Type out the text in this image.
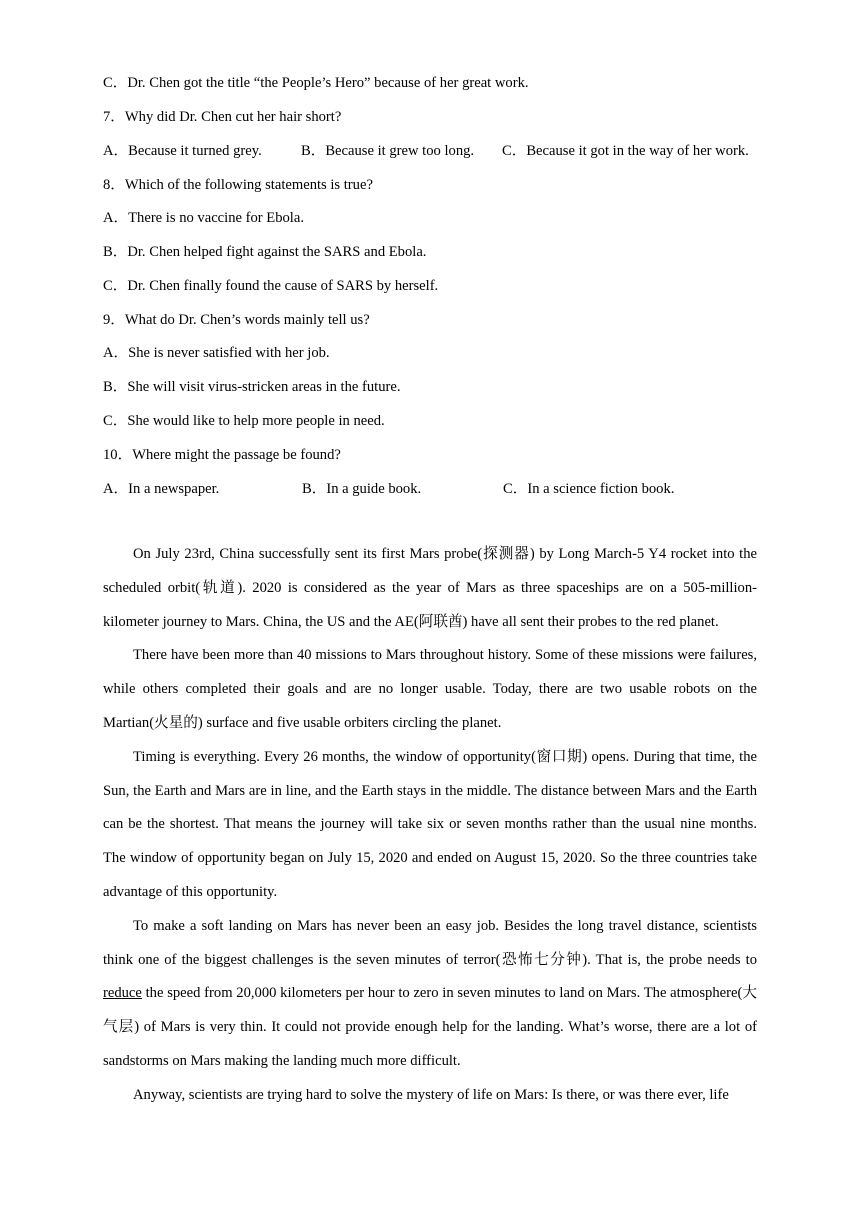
C．Dr. Chen got the title “the People’s Hero” because of her great work.
7．Why did Dr. Chen cut her hair short?
A．Because it turned grey.	B．Because it grew too long. C．Because it got in the way of her work.
8．Which of the following statements is true?
A．There is no vaccine for Ebola.
B．Dr. Chen helped fight against the SARS and Ebola.
C．Dr. Chen finally found the cause of SARS by herself.
9．What do Dr. Chen’s words mainly tell us?
A．She is never satisfied with her job.
B．She will visit virus-stricken areas in the future.
C．She would like to help more people in need.
10．Where might the passage be found?
A．In a newspaper.	B．In a guide book.	C．In a science fiction book.

On July 23rd, China successfully sent its first Mars probe(探测器) by Long March-5 Y4 rocket into the scheduled orbit(轨道). 2020 is considered as the year of Mars as three spaceships are on a 505-million-kilometer journey to Mars. China, the US and the AE(阿联酋) have all sent their probes to the red planet.

There have been more than 40 missions to Mars throughout history. Some of these missions were failures, while others completed their goals and are no longer usable. Today, there are two usable robots on the Martian(火星的) surface and five usable orbiters circling the planet.

Timing is everything. Every 26 months, the window of opportunity(窗口期) opens. During that time, the Sun, the Earth and Mars are in line, and the Earth stays in the middle. The distance between Mars and the Earth can be the shortest. That means the journey will take six or seven months rather than the usual nine months. The window of opportunity began on July 15, 2020 and ended on August 15, 2020. So the three countries take advantage of this opportunity.

To make a soft landing on Mars has never been an easy job. Besides the long travel distance, scientists think one of the biggest challenges is the seven minutes of terror(恐怖七分钟). That is, the probe needs to reduce the speed from 20,000 kilometers per hour to zero in seven minutes to land on Mars. The atmosphere(大气层) of Mars is very thin. It could not provide enough help for the landing. What’s worse, there are a lot of sandstorms on Mars making the landing much more difficult.

Anyway, scientists are trying hard to solve the mystery of life on Mars: Is there, or was there ever, life
